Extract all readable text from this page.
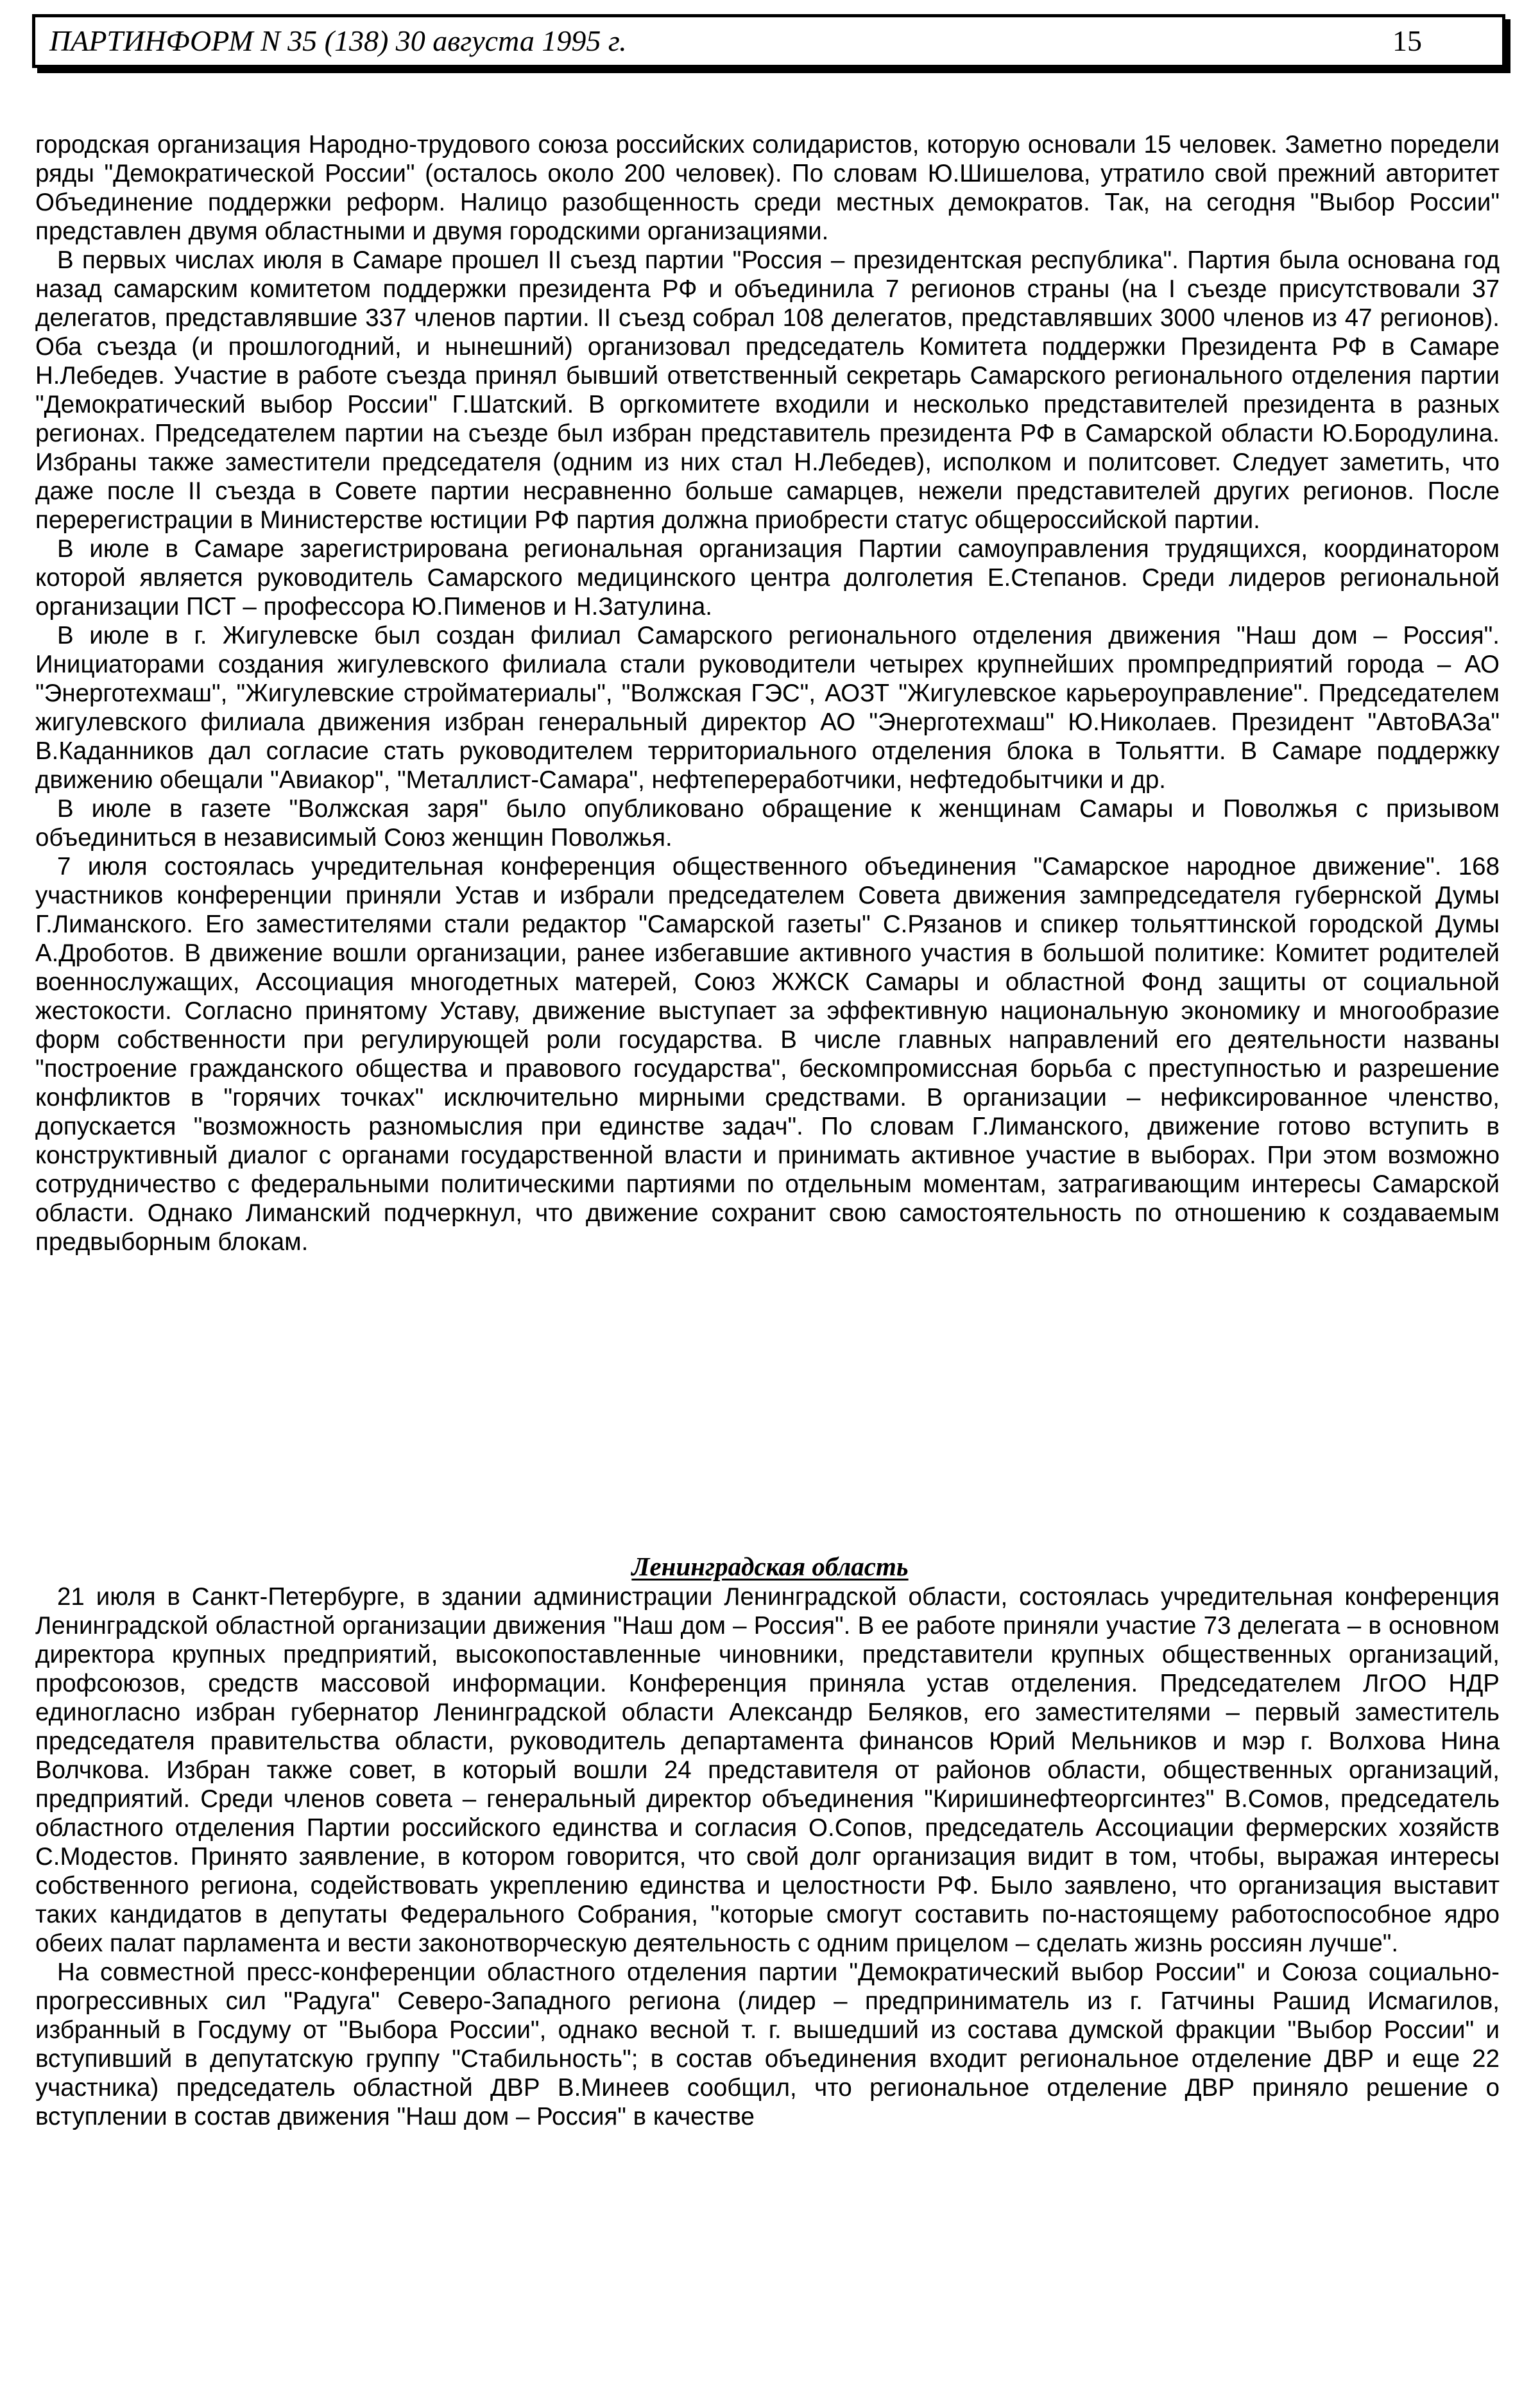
ПАРТИНФОРМ N 35 (138) 30 августа 1995 г.	15

городская организация Народно-трудового союза российских солидаристов, которую основали 15 человек. Заметно поредели ряды "Демократической России" (осталось около 200 человек). По словам Ю.Шишелова, утратило свой прежний авторитет Объединение поддержки реформ. Налицо разобщенность среди местных демократов. Так, на сегодня "Выбор России" представлен двумя областными и двумя городскими организациями.

В первых числах июля в Самаре прошел II съезд партии "Россия – президентская республика". Партия была основана год назад самарским комитетом поддержки президента РФ и объединила 7 регионов страны (на I съезде присутствовали 37 делегатов, представлявшие 337 членов партии. II съезд собрал 108 делегатов, представлявших 3000 членов из 47 регионов). Оба съезда (и прошлогодний, и нынешний) организовал председатель Комитета поддержки Президента РФ в Самаре Н.Лебедев. Участие в работе съезда принял бывший ответственный секретарь Самарского регионального отделения партии "Демократический выбор России" Г.Шатский. В оргкомитете входили и несколько представителей президента в разных регионах. Председателем партии на съезде был избран представитель президента РФ в Самарской области Ю.Бородулина. Избраны также заместители председателя (одним из них стал Н.Лебедев), исполком и политсовет. Следует заметить, что даже после II съезда в Совете партии несравненно больше самарцев, нежели представителей других регионов. После перерегистрации в Министерстве юстиции РФ партия должна приобрести статус общероссийской партии.

В июле в Самаре зарегистрирована региональная организация Партии самоуправления трудящихся, координатором которой является руководитель Самарского медицинского центра долголетия Е.Степанов. Среди лидеров региональной организации ПСТ – профессора Ю.Пименов и Н.Затулина.

В июле в г. Жигулевске был создан филиал Самарского регионального отделения движения "Наш дом – Россия". Инициаторами создания жигулевского филиала стали руководители четырех крупнейших промпредприятий города – АО "Энерготехмаш", "Жигулевские стройматериалы", "Волжская ГЭС", АОЗТ "Жигулевское карьероуправление". Председателем жигулевского филиала движения избран генеральный директор АО "Энерготехмаш" Ю.Николаев. Президент "АвтоВАЗа" В.Каданников дал согласие стать руководителем территориального отделения блока в Тольятти. В Самаре поддержку движению обещали "Авиакор", "Металлист-Самара", нефтепереработчики, нефтедобытчики и др.

В июле в газете "Волжская заря" было опубликовано обращение к женщинам Самары и Поволжья с призывом объединиться в независимый Союз женщин Поволжья.

7 июля состоялась учредительная конференция общественного объединения "Самарское народное движение". 168 участников конференции приняли Устав и избрали председателем Совета движения зампредседателя губернской Думы Г.Лиманского. Его заместителями стали редактор "Самарской газеты" С.Рязанов и спикер тольяттинской городской Думы А.Дроботов. В движение вошли организации, ранее избегавшие активного участия в большой политике: Комитет родителей военнослужащих, Ассоциация многодетных матерей, Союз ЖЖСК Самары и областной Фонд защиты от социальной жестокости. Согласно принятому Уставу, движение выступает за эффективную национальную экономику и многообразие форм собственности при регулирующей роли государства. В числе главных направлений его деятельности названы "построение гражданского общества и правового государства", бескомпромиссная борьба с преступностью и разрешение конфликтов в "горячих точках" исключительно мирными средствами. В организации – нефиксированное членство, допускается "возможность разномыслия при единстве задач". По словам Г.Лиманского, движение готово вступить в конструктивный диалог с органами государственной власти и принимать активное участие в выборах. При этом возможно сотрудничество с федеральными политическими партиями по отдельным моментам, затрагивающим интересы Самарской области. Однако Лиманский подчеркнул, что движение сохранит свою самостоятельность по отношению к создаваемым предвыборным блокам.

Ленинградская область

21 июля в Санкт-Петербурге, в здании администрации Ленинградской области, состоялась учредительная конференция Ленинградской областной организации движения "Наш дом – Россия". В ее работе приняли участие 73 делегата – в основном директора крупных предприятий, высокопоставленные чиновники, представители крупных общественных организаций, профсоюзов, средств массовой информации. Конференция приняла устав отделения. Председателем ЛгОО НДР единогласно избран губернатор Ленинградской области Александр Беляков, его заместителями – первый заместитель председателя правительства области, руководитель департамента финансов Юрий Мельников и мэр г. Волхова Нина Волчкова. Избран также совет, в который вошли 24 представителя от районов области, общественных организаций, предприятий. Среди членов совета – генеральный директор объединения "Киришинефтеоргсинтез" В.Сомов, председатель областного отделения Партии российского единства и согласия О.Сопов, председатель Ассоциации фермерских хозяйств С.Модестов. Принято заявление, в котором говорится, что свой долг организация видит в том, чтобы, выражая интересы собственного региона, содействовать укреплению единства и целостности РФ. Было заявлено, что организация выставит таких кандидатов в депутаты Федерального Собрания, "которые смогут составить по-настоящему работоспособное ядро обеих палат парламента и вести законотворческую деятельность с одним прицелом – сделать жизнь россиян лучше".

На совместной пресс-конференции областного отделения партии "Демократический выбор России" и Союза социально-прогрессивных сил "Радуга" Северо-Западного региона (лидер – предприниматель из г. Гатчины Рашид Исмагилов, избранный в Госдуму от "Выбора России", однако весной т. г. вышедший из состава думской фракции "Выбор России" и вступивший в депутатскую группу "Стабильность"; в состав объединения входит региональное отделение ДВР и еще 22 участника) председатель областной ДВР В.Минеев сообщил, что региональное отделение ДВР приняло решение о вступлении в состав движения "Наш дом – Россия" в качестве
